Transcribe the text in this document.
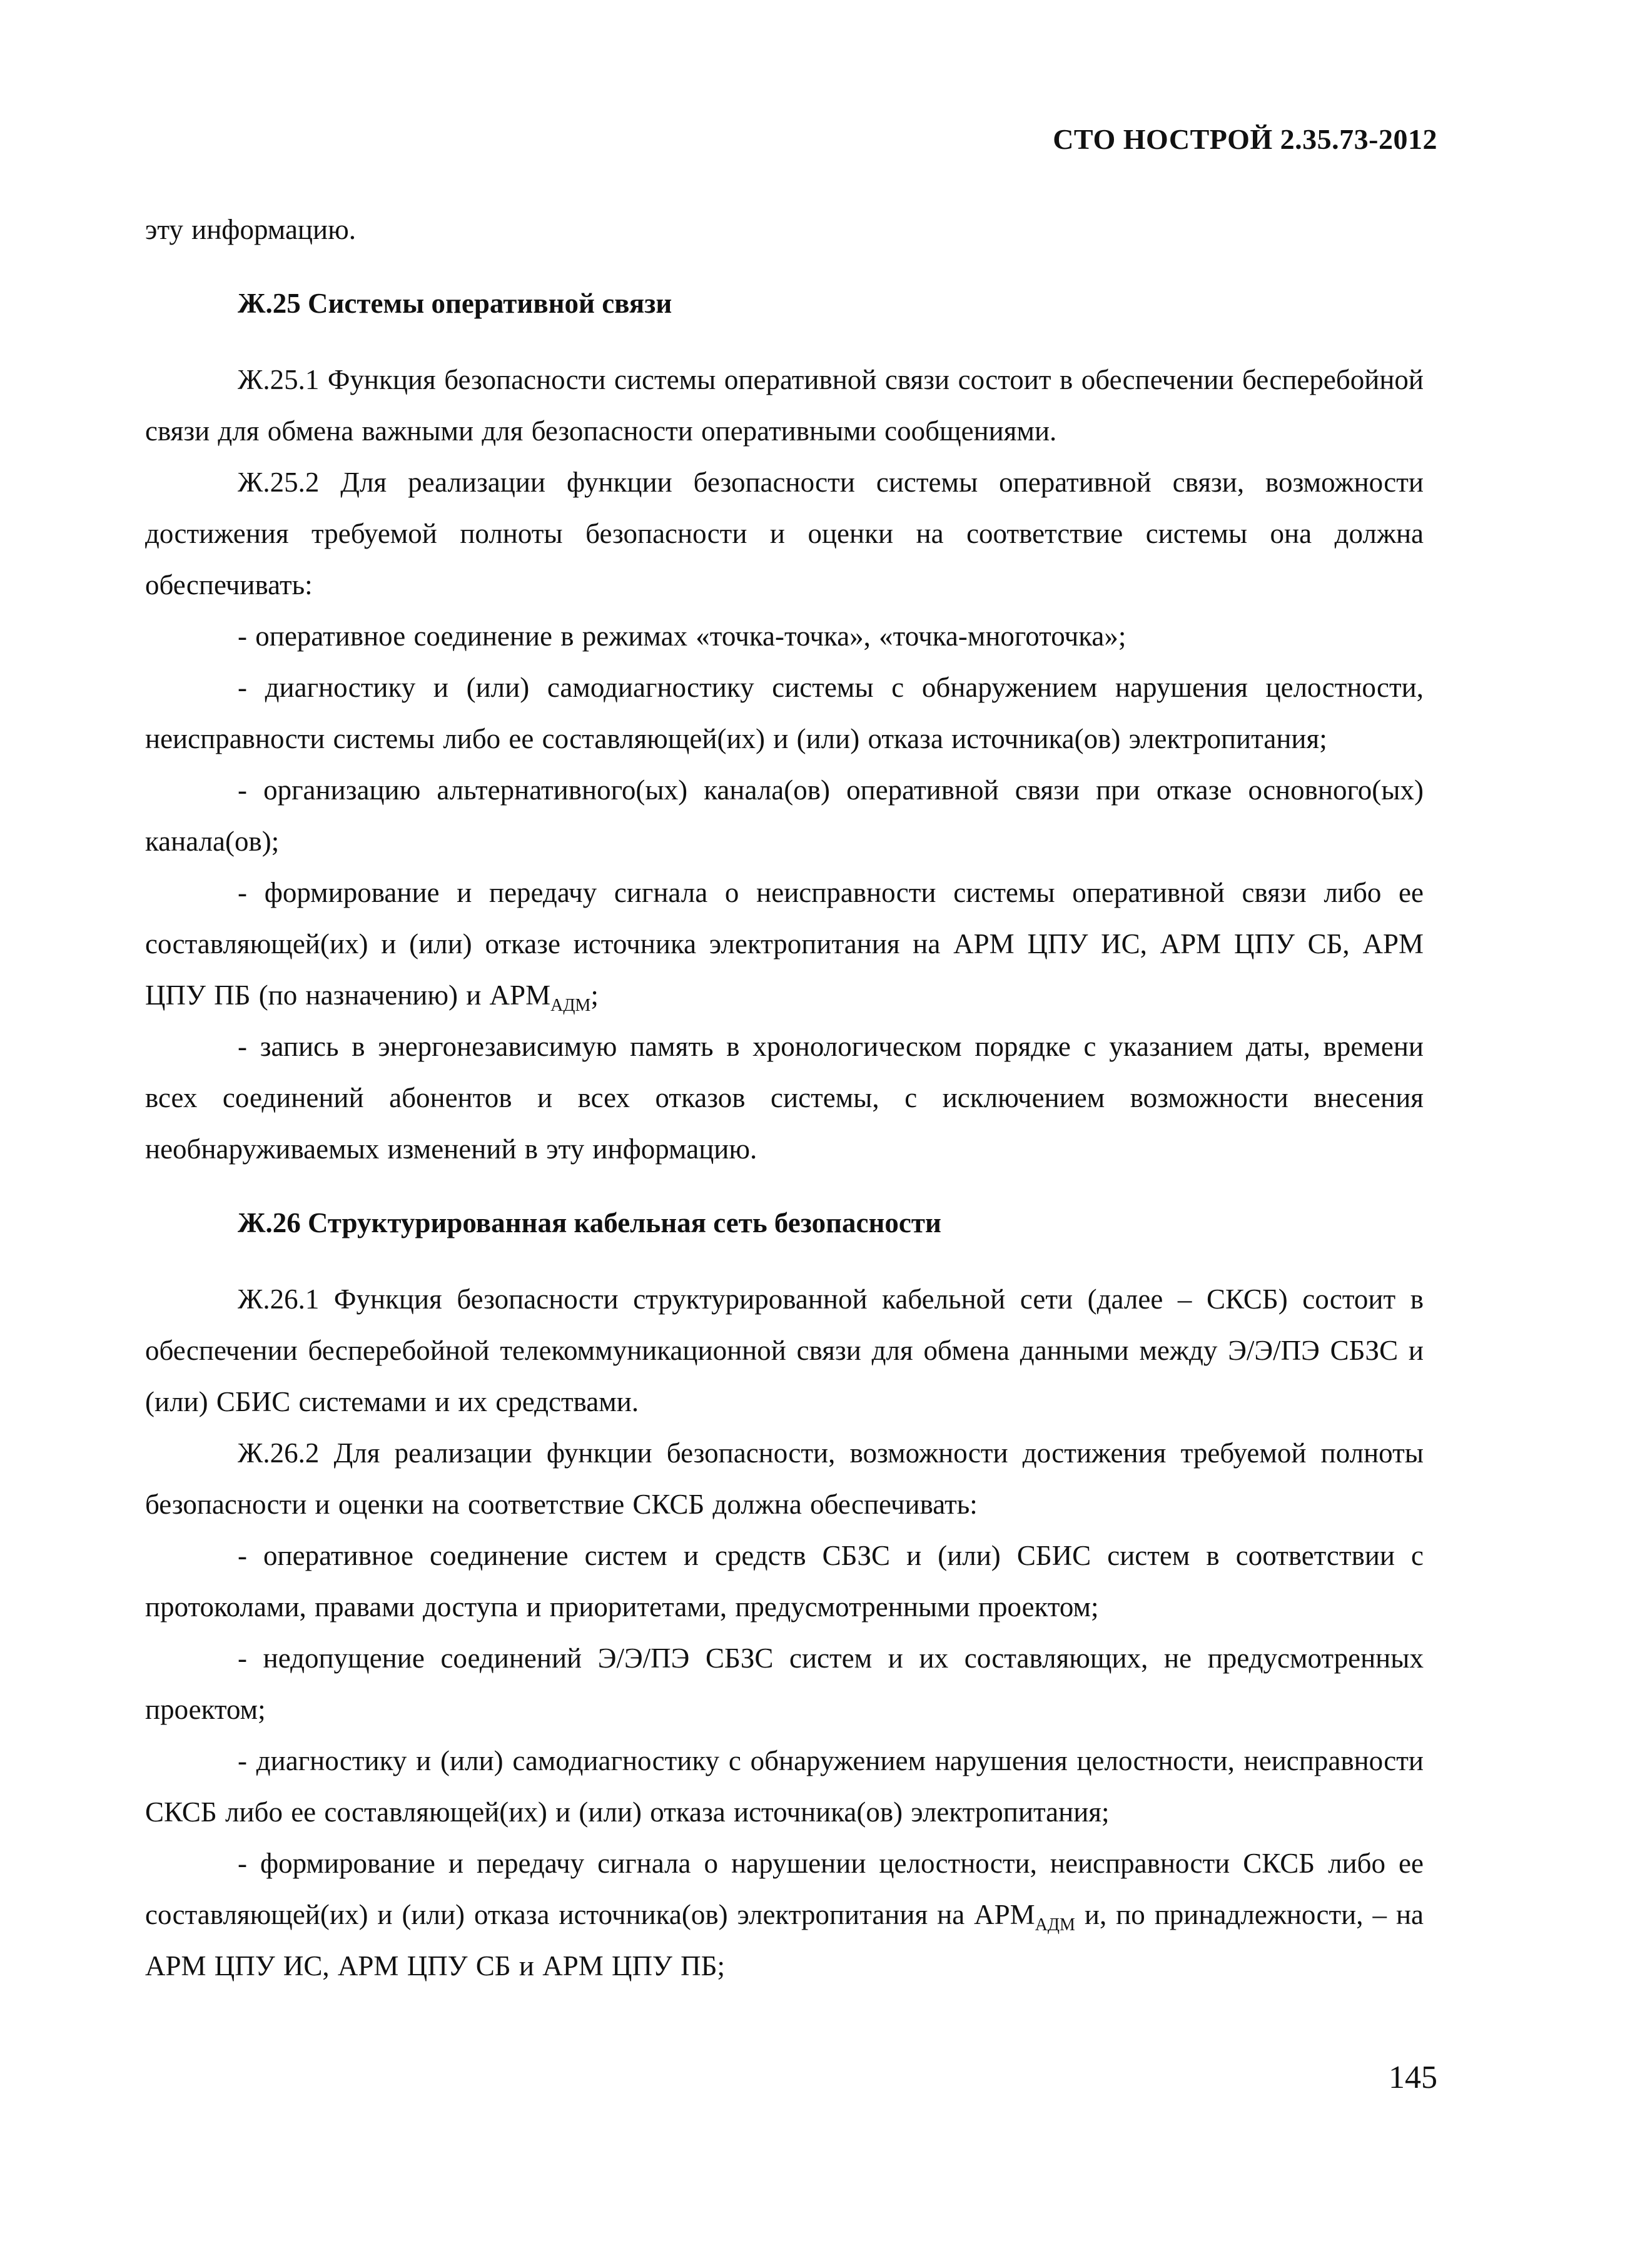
СТО НОСТРОЙ 2.35.73-2012

эту информацию.

Ж.25 Системы оперативной связи

Ж.25.1 Функция безопасности системы оперативной связи состоит в обеспечении бесперебойной связи для обмена важными для безопасности оперативными сообщениями.

Ж.25.2 Для реализации функции безопасности системы оперативной связи, возможности достижения требуемой полноты безопасности и оценки на соответствие системы она должна обеспечивать:

- оперативное соединение в режимах «точка-точка», «точка-многоточка»;

- диагностику и (или) самодиагностику системы с обнаружением нарушения целостности, неисправности системы либо ее составляющей(их) и (или) отказа источника(ов) электропитания;

- организацию альтернативного(ых) канала(ов) оперативной связи при отказе основного(ых) канала(ов);

- формирование и передачу сигнала о неисправности системы оперативной связи либо ее составляющей(их) и (или) отказе источника электропитания на АРМ ЦПУ ИС, АРМ ЦПУ СБ, АРМ ЦПУ ПБ (по назначению) и $АРМ_{АДМ}$;

- запись в энергонезависимую память в хронологическом порядке с указанием даты, времени всех соединений абонентов и всех отказов системы, с исключением возможности внесения необнаруживаемых изменений в эту информацию.

Ж.26 Структурированная кабельная сеть безопасности

Ж.26.1 Функция безопасности структурированной кабельной сети (далее – СКСБ) состоит в обеспечении бесперебойной телекоммуникационной связи для обмена данными между Э/Э/ПЭ СБЗС и (или) СБИС системами и их средствами.

Ж.26.2 Для реализации функции безопасности, возможности достижения требуемой полноты безопасности и оценки на соответствие СКСБ должна обеспечивать:

- оперативное соединение систем и средств СБЗС и (или) СБИС систем в соответствии с протоколами, правами доступа и приоритетами, предусмотренными проектом;

- недопущение соединений Э/Э/ПЭ СБЗС систем и их составляющих, не предусмотренных проектом;

- диагностику и (или) самодиагностику с обнаружением нарушения целостности, неисправности СКСБ либо ее составляющей(их) и (или) отказа источника(ов) электропитания;

- формирование и передачу сигнала о нарушении целостности, неисправности СКСБ либо ее составляющей(их) и (или) отказа источника(ов) электропитания на $АРМ_{АДМ}$ и, по принадлежности, – на АРМ ЦПУ ИС, АРМ ЦПУ СБ и АРМ ЦПУ ПБ;

145
